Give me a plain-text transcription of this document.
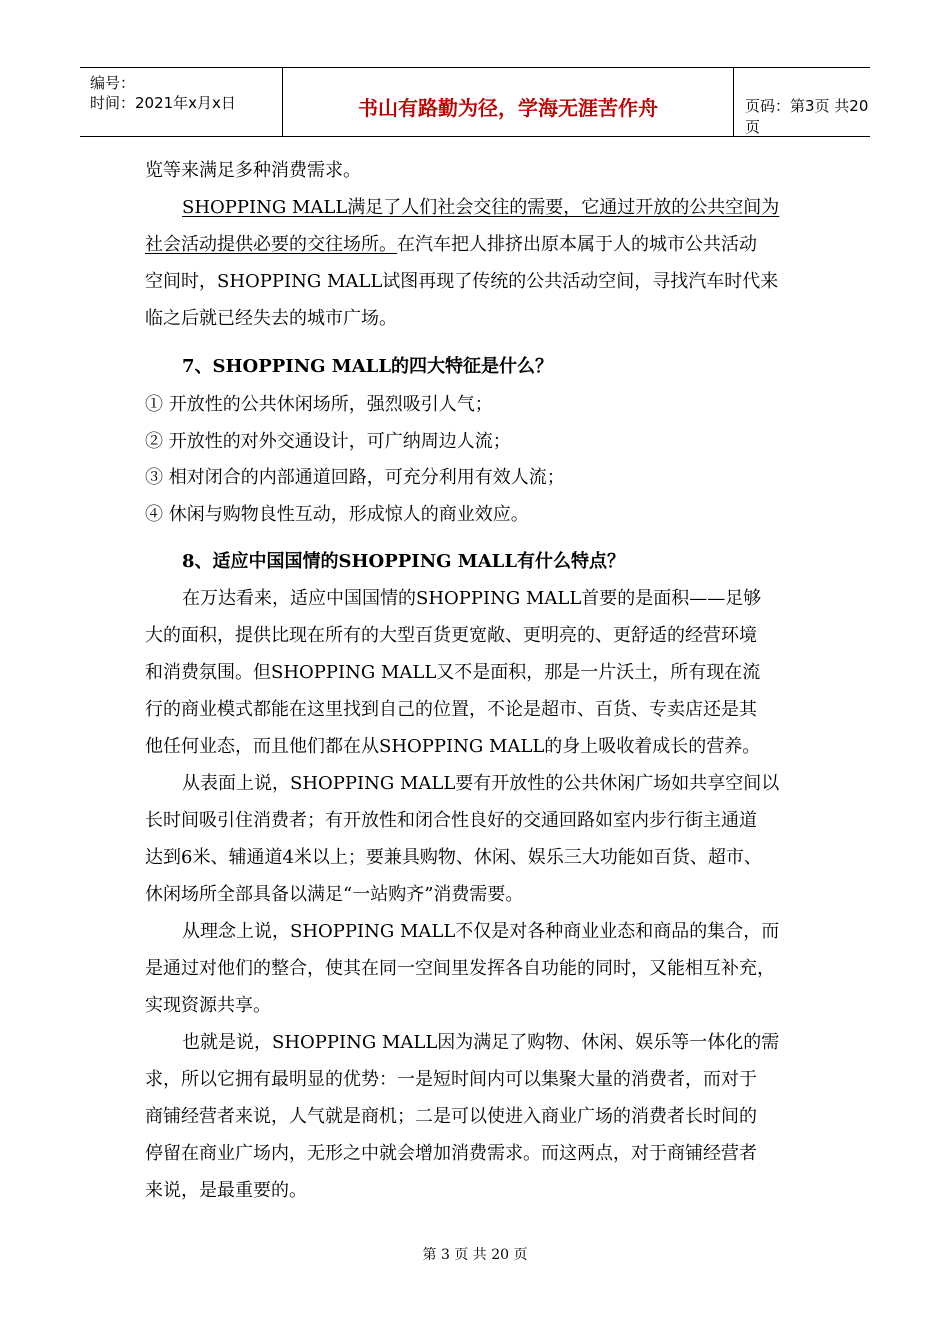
编号：
时间：2021年x月x日	书山有路勤为径，学海无涯苦作舟	页码：第3页 共20页
览等来满足多种消费需求。
SHOPPING MALL满足了人们社会交往的需要，它通过开放的公共空间为
社会活动提供必要的交往场所。在汽车把人排挤出原本属于人的城市公共活动
空间时，SHOPPING MALL试图再现了传统的公共活动空间，寻找汽车时代来
临之后就已经失去的城市广场。
7、SHOPPING MALL的四大特征是什么？
① 开放性的公共休闲场所，强烈吸引人气；
② 开放性的对外交通设计，可广纳周边人流；
③ 相对闭合的内部通道回路，可充分利用有效人流；
④ 休闲与购物良性互动，形成惊人的商业效应。
8、适应中国国情的SHOPPING MALL有什么特点？
在万达看来，适应中国国情的SHOPPING MALL首要的是面积——足够
大的面积，提供比现在所有的大型百货更宽敞、更明亮的、更舒适的经营环境
和消费氛围。但SHOPPING MALL又不是面积，那是一片沃土，所有现在流
行的商业模式都能在这里找到自己的位置，不论是超市、百货、专卖店还是其
他任何业态，而且他们都在从SHOPPING MALL的身上吸收着成长的营养。
从表面上说，SHOPPING MALL要有开放性的公共休闲广场如共享空间以
长时间吸引住消费者；有开放性和闭合性良好的交通回路如室内步行街主通道
达到6米、辅通道4米以上；要兼具购物、休闲、娱乐三大功能如百货、超市、
休闲场所全部具备以满足“一站购齐”消费需要。
从理念上说，SHOPPING MALL不仅是对各种商业业态和商品的集合，而
是通过对他们的整合，使其在同一空间里发挥各自功能的同时，又能相互补充，
实现资源共享。
也就是说，SHOPPING MALL因为满足了购物、休闲、娱乐等一体化的需
求，所以它拥有最明显的优势：一是短时间内可以集聚大量的消费者，而对于
商铺经营者来说，人气就是商机；二是可以使进入商业广场的消费者长时间的
停留在商业广场内，无形之中就会增加消费需求。而这两点，对于商铺经营者
来说，是最重要的。
第 3 页 共 20 页
